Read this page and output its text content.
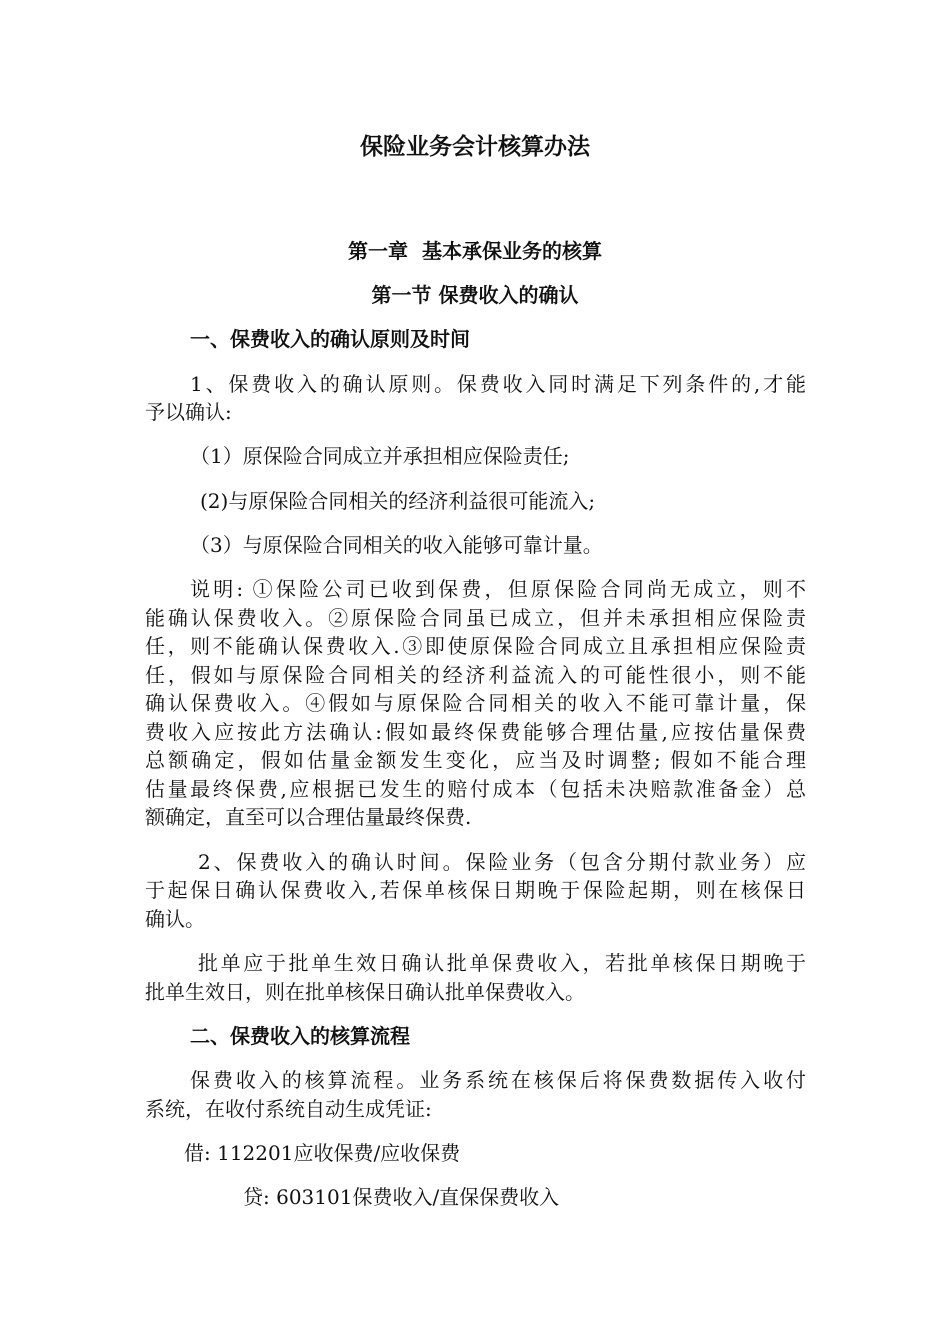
保险业务会计核算办法
第一章  基本承保业务的核算
第一节 保费收入的确认
一、保费收入的确认原则及时间
1、保费收入的确认原则。保费收入同时满足下列条件的,才能
予以确认:
（1）原保险合同成立并承担相应保险责任;
(2)与原保险合同相关的经济利益很可能流入;
（3）与原保险合同相关的收入能够可靠计量。
说明: ①保险公司已收到保费，但原保险合同尚无成立，则不
能确认保费收入。②原保险合同虽已成立，但并未承担相应保险责
任，则不能确认保费收入.③即使原保险合同成立且承担相应保险责
任，假如与原保险合同相关的经济利益流入的可能性很小，则不能
确认保费收入。④假如与原保险合同相关的收入不能可靠计量，保
费收入应按此方法确认:假如最终保费能够合理估量,应按估量保费
总额确定，假如估量金额发生变化，应当及时调整; 假如不能合理
估量最终保费,应根据已发生的赔付成本（包括未决赔款准备金）总
额确定，直至可以合理估量最终保费.
2、保费收入的确认时间。保险业务（包含分期付款业务）应
于起保日确认保费收入,若保单核保日期晚于保险起期，则在核保日
确认。
批单应于批单生效日确认批单保费收入，若批单核保日期晚于
批单生效日，则在批单核保日确认批单保费收入。
二、保费收入的核算流程
保费收入的核算流程。业务系统在核保后将保费数据传入收付
系统，在收付系统自动生成凭证:
借: 112201应收保费/应收保费
贷: 603101保费收入/直保保费收入
